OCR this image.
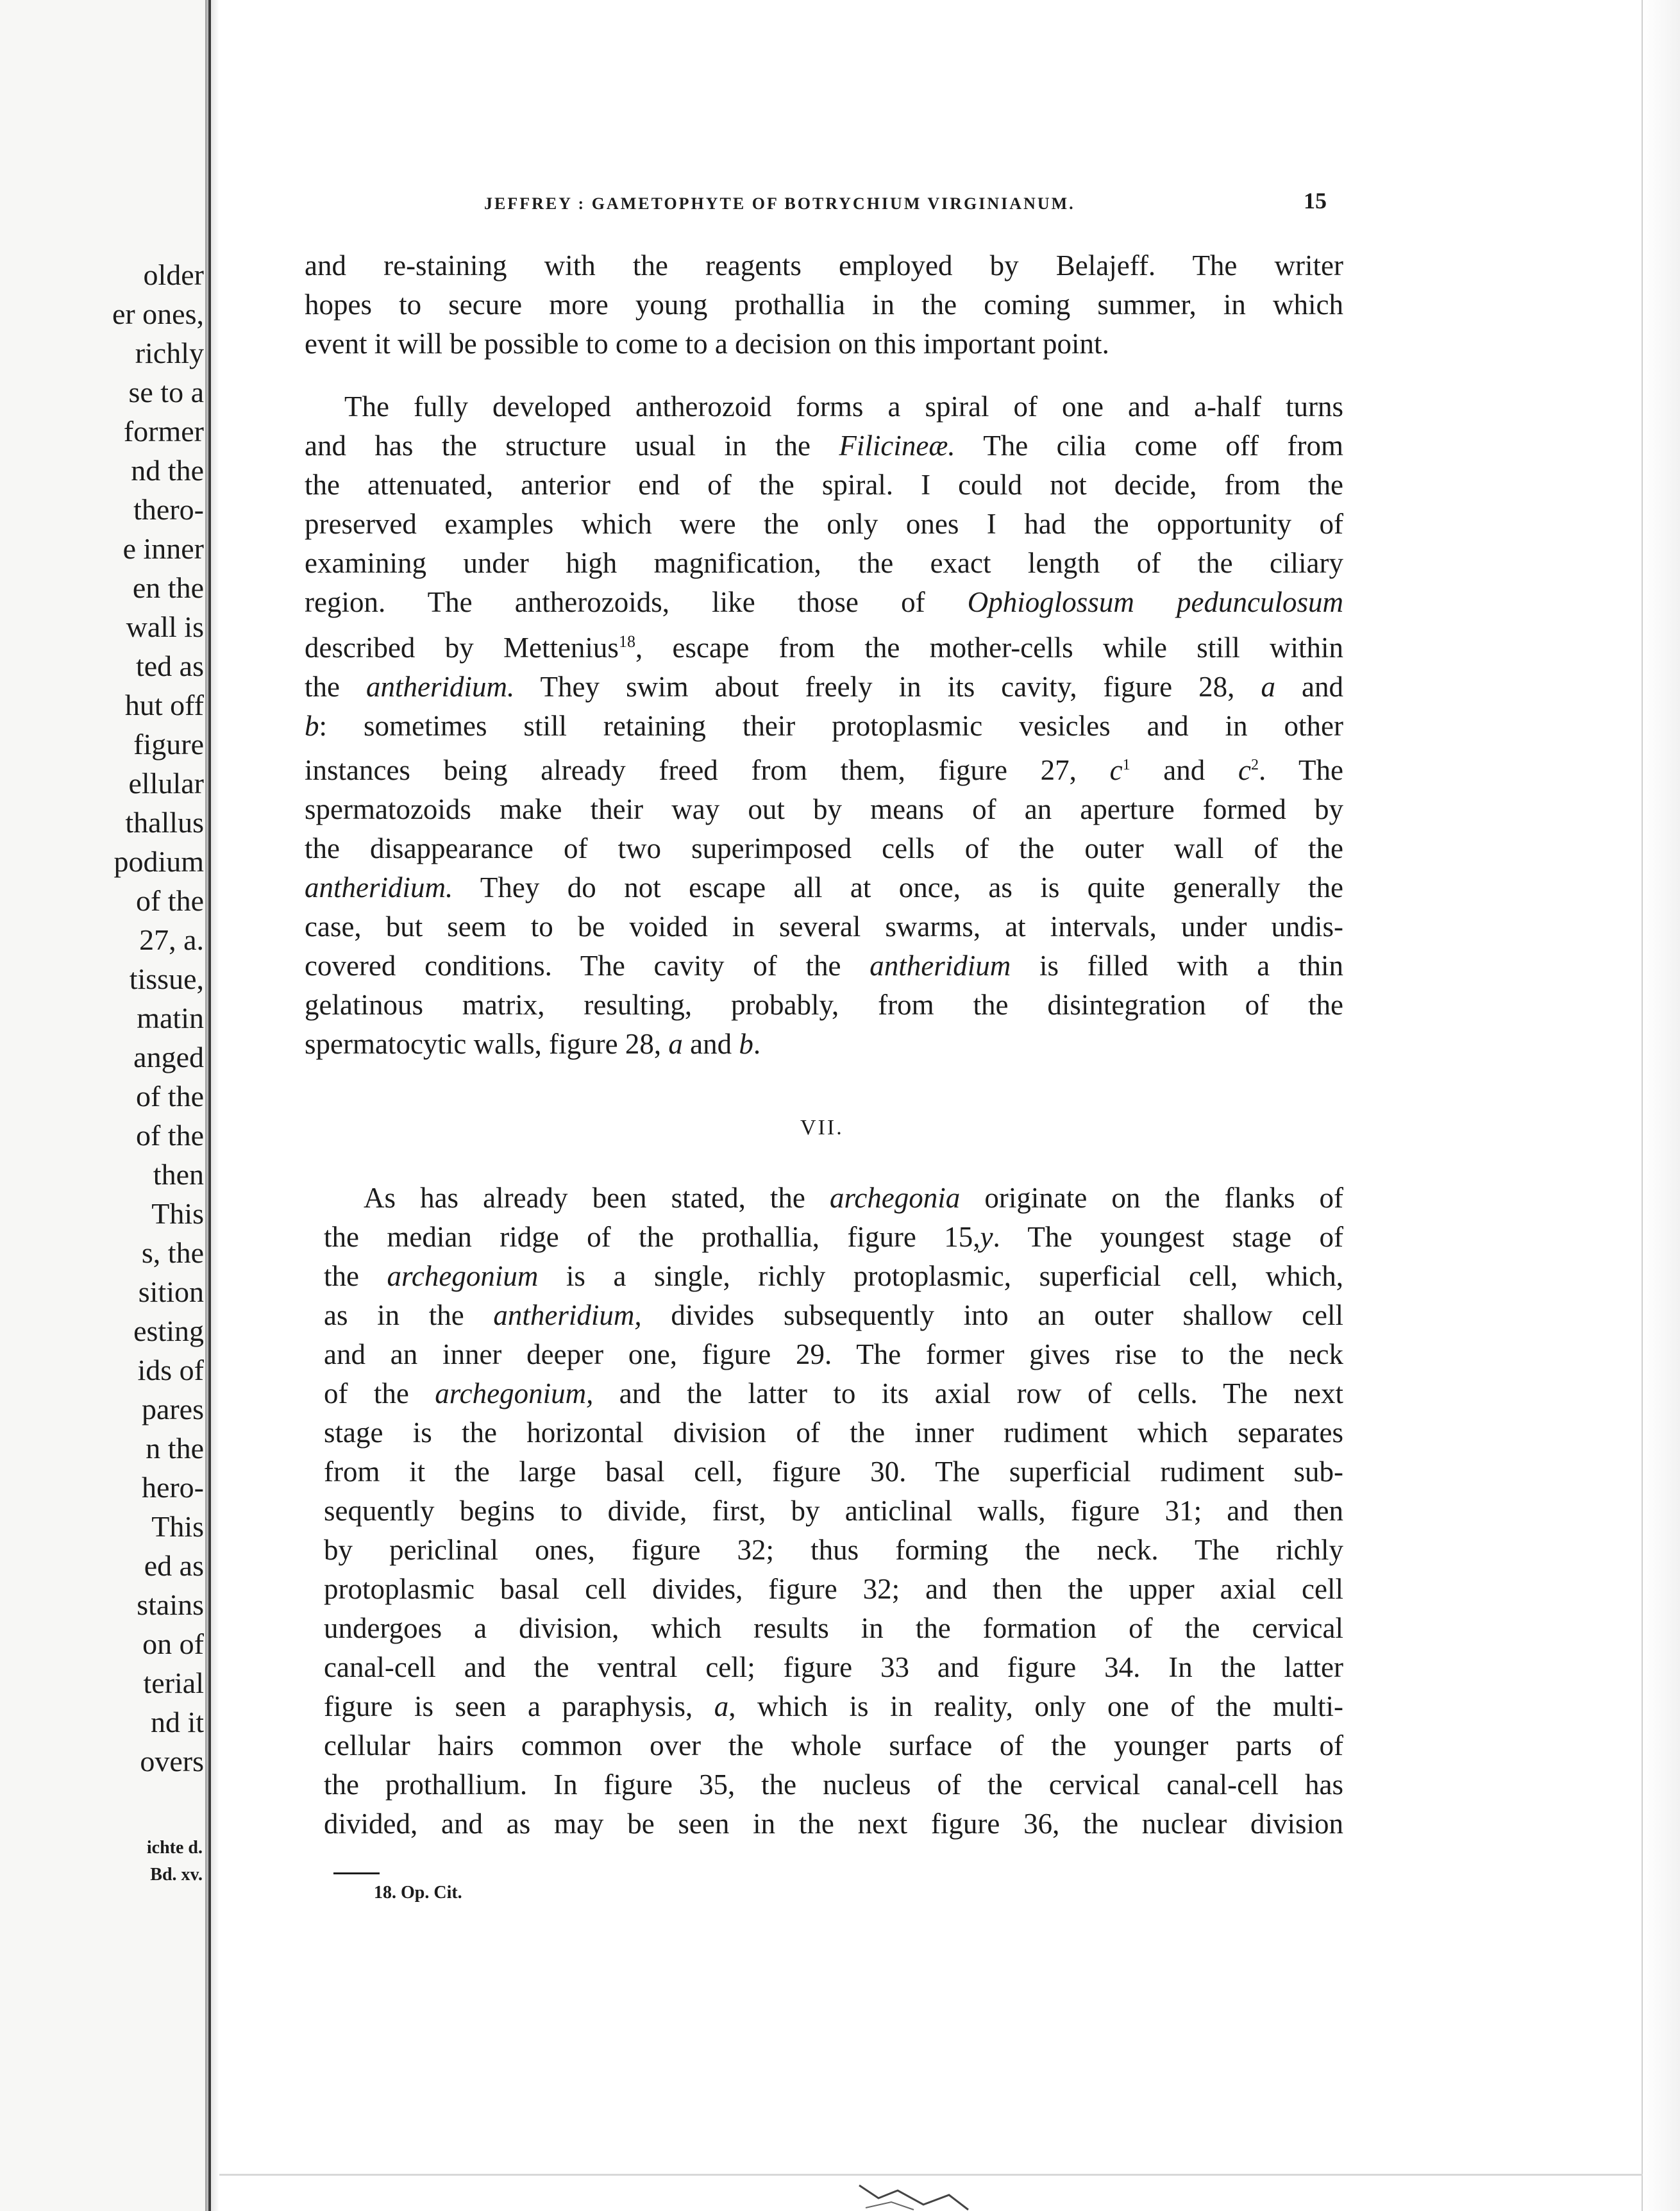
older
er ones,
richly
se to a
former
nd the
thero-
e inner
en the
wall is
ted as
hut off
figure
ellular
thallus
podium
of the
27, a.
tissue,
matin
anged
of the
of the
then
This
s, the
sition
esting
ids of
pares
n the
hero-
This
ed as
stains
on of
terial
nd it
overs
ichte d.
Bd. xv.
JEFFREY : GAMETOPHYTE OF BOTRYCHIUM VIRGINIANUM.	15
and re-staining with the reagents employed by Belajeff. The writer
hopes to secure more young prothallia in the coming summer, in which
event it will be possible to come to a decision on this important point.
The fully developed antherozoid forms a spiral of one and a-half turns
and has the structure usual in the Filicineæ. The cilia come off from
the attenuated, anterior end of the spiral. I could not decide, from the
preserved examples which were the only ones I had the opportunity of
examining under high magnification, the exact length of the ciliary
region. The antherozoids, like those of Ophioglossum pedunculosum
described by Mettenius$^{18}$, escape from the mother-cells while still within
the antheridium. They swim about freely in its cavity, figure 28, a and
b: sometimes still retaining their protoplasmic vesicles and in other
instances being already freed from them, figure 27, $c^1$ and $c^2$. The
spermatozoids make their way out by means of an aperture formed by
the disappearance of two superimposed cells of the outer wall of the
antheridium. They do not escape all at once, as is quite generally the
case, but seem to be voided in several swarms, at intervals, under undis-
covered conditions. The cavity of the antheridium is filled with a thin
gelatinous matrix, resulting, probably, from the disintegration of the
spermatocytic walls, figure 28, a and b.
VII.
As has already been stated, the archegonia originate on the flanks of
the median ridge of the prothallia, figure 15,y. The youngest stage of
the archegonium is a single, richly protoplasmic, superficial cell, which,
as in the antheridium, divides subsequently into an outer shallow cell
and an inner deeper one, figure 29. The former gives rise to the neck
of the archegonium, and the latter to its axial row of cells. The next
stage is the horizontal division of the inner rudiment which separates
from it the large basal cell, figure 30. The superficial rudiment sub-
sequently begins to divide, first, by anticlinal walls, figure 31; and then
by periclinal ones, figure 32; thus forming the neck. The richly
protoplasmic basal cell divides, figure 32; and then the upper axial cell
undergoes a division, which results in the formation of the cervical
canal-cell and the ventral cell; figure 33 and figure 34. In the latter
figure is seen a paraphysis, a, which is in reality, only one of the multi-
cellular hairs common over the whole surface of the younger parts of
the prothallium. In figure 35, the nucleus of the cervical canal-cell has
divided, and as may be seen in the next figure 36, the nuclear division
18. Op. Cit.
